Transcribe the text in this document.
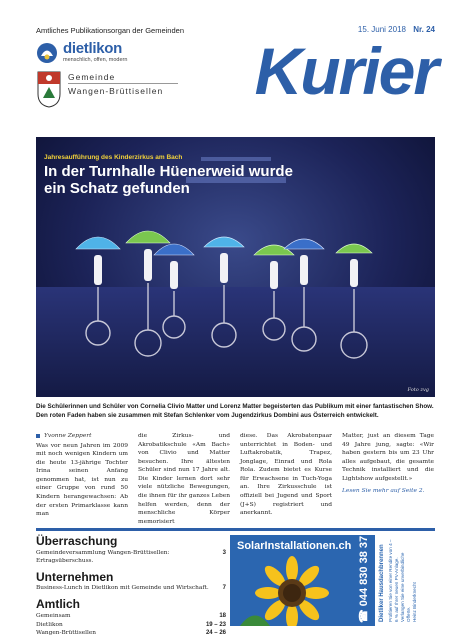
Amtliches Publikationsorgan der Gemeinden	15. Juni 2018 Nr. 24
dietlikon
menschlich, offen, modern
Gemeinde
Wangen-Brüttisellen Kurier
Jahresaufführung des Kinderzirkus am Bach
In der Turnhalle Hüenerweid wurde ein Schatz gefunden
Foto zvg
Die Schülerinnen und Schüler von Cornelia Clivio Matter und Lorenz Matter begeisterten das Publikum mit einer fantastischen Show. Den roten Faden haben sie zusammen mit Stefan Schlenker vom Jugendzirkus Dombini aus Österreich entwickelt.
Yvonne Zeppert
Was vor neun Jahren im 2009 mit noch wenigen Kindern um die heute 13-jährige Tochter Irina seinen Anfang genommen hat, ist nun zu einer Gruppe von rund 50 Kindern herangewachsen: Ab der ersten Primarklasse kann man
die Zirkus- und Akrobatikschule «Am Bach» von Clivio und Matter besuchen. Ihre ältesten Schüler sind nun 17 Jahre alt. Die Kinder lernen dort sehr viele nützliche Bewegungen, die ihnen für ihr ganzes Leben helfen werden, denn der menschliche Körper memorisiert
diese. Das Akrobatenpaar unterrichtet in Boden- und Luftakrobatik, Trapez, Jonglage, Einrad und Rola Rola. Zudem bietet es Kurse für Erwachsene in Tuch-Yoga an. Ihre Zirkusschule ist offiziell bei Jugend und Sport (J+S) registriert und anerkannt.
Matter, just an diesem Tage 49 Jahre jung, sagte: «Wir haben gestern bis um 23 Uhr alles aufgebaut, die gesamte Technik installiert und die Lightshow aufgestellt.»
Lesen Sie mehr auf Seite 2.
Überraschung
Gemeindeversammlung Wangen-Brüttisellen: Ertragsüberschuss.
3
Unternehmen
Business-Lunch in Dietlikon mit Gemeinde und Wirtschaft. 7
Amtlich
Gemeinsam	18
Dietlikon	19 – 23
Wangen-Brüttisellen	24 – 26
SolarInstallationen.ch ☎ 044 830 38 37 Dietliker Hausdachbrennen Profitieren Sie von einer Rendite von 4 – 6 % auf Ihrer neuen PV-Anlage.
Verlangen Sie eine unverbindliche Offerte.
Heinz Binderknecht
